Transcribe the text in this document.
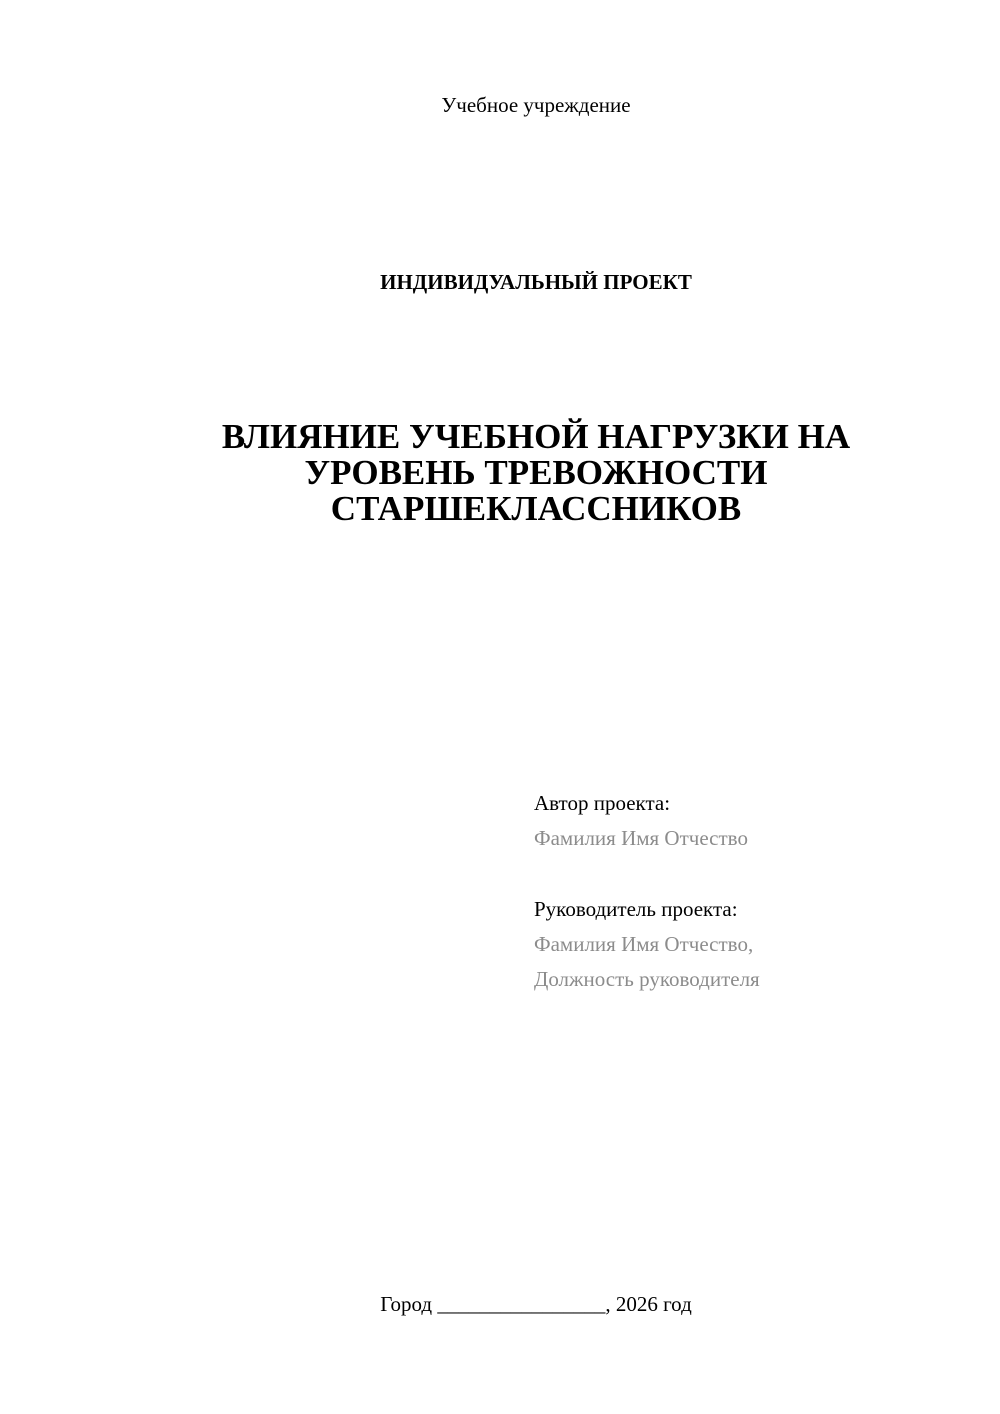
Учебное учреждение
ИНДИВИДУАЛЬНЫЙ ПРОЕКТ
ВЛИЯНИЕ УЧЕБНОЙ НАГРУЗКИ НА
УРОВЕНЬ ТРЕВОЖНОСТИ
СТАРШЕКЛАССНИКОВ
Автор проекта:
Фамилия Имя Отчество
Руководитель проекта:
Фамилия Имя Отчество,
Должность руководителя
Город ________________, 2026 год
